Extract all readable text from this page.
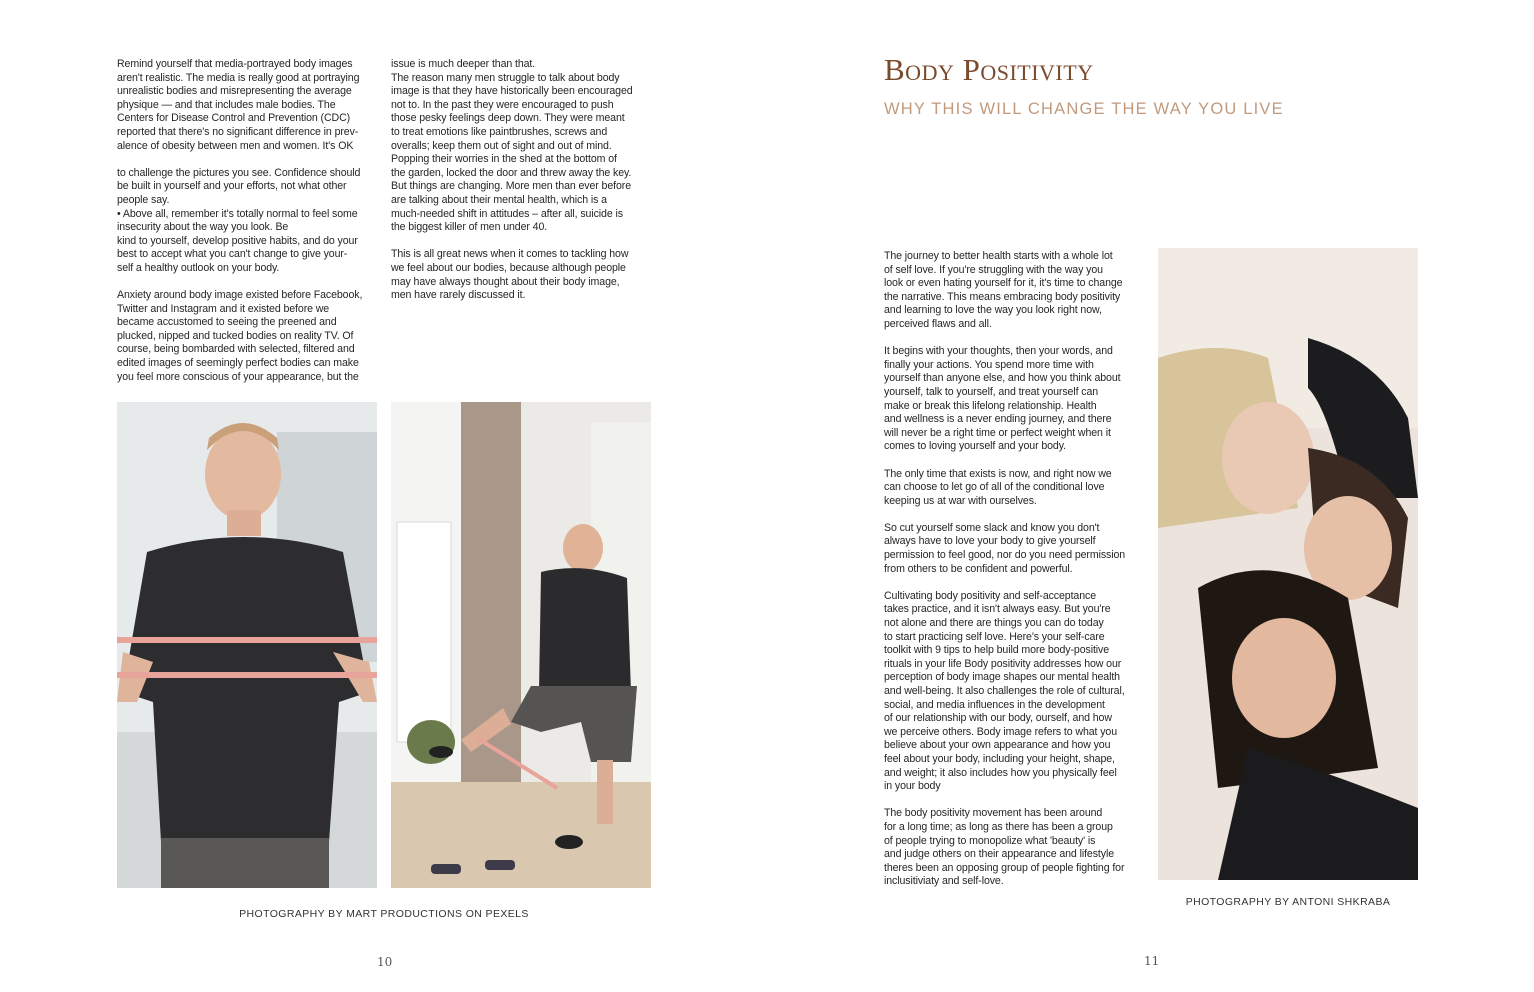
Remind yourself that media-portrayed body images
aren't realistic. The media is really good at portraying
unrealistic bodies and misrepresenting the average
physique — and that includes male bodies. The
Centers for Disease Control and Prevention (CDC)
reported that there's no significant difference in prev-
alence of obesity between men and women. It's OK

to challenge the pictures you see. Confidence should
be built in yourself and your efforts, not what other
people say.
• Above all, remember it's totally normal to feel some
insecurity about the way you look. Be
kind to yourself, develop positive habits, and do your
best to accept what you can't change to give your-
self a healthy outlook on your body.

Anxiety around body image existed before Facebook,
Twitter and Instagram and it existed before we
became accustomed to seeing the preened and
plucked, nipped and tucked bodies on reality TV. Of
course, being bombarded with selected, filtered and
edited images of seemingly perfect bodies can make
you feel more conscious of your appearance, but the

issue is much deeper than that.
The reason many men struggle to talk about body
image is that they have historically been encouraged
not to. In the past they were encouraged to push
those pesky feelings deep down. They were meant
to treat emotions like paintbrushes, screws and
overalls; keep them out of sight and out of mind.
Popping their worries in the shed at the bottom of
the garden, locked the door and threw away the key.
But things are changing. More men than ever before
are talking about their mental health, which is a
much-needed shift in attitudes – after all, suicide is
the biggest killer of men under 40.

This is all great news when it comes to tackling how
we feel about our bodies, because although people
may have always thought about their body image,
men have rarely discussed it.

PHOTOGRAPHY BY MART PRODUCTIONS ON PEXELS
10
Body Positivity
WHY THIS WILL CHANGE THE WAY YOU LIVE

The journey to better health starts with a whole lot
of self love. If you're struggling with the way you
look or even hating yourself for it, it's time to change
the narrative. This means embracing body positivity
and learning to love the way you look right now,
perceived flaws and all.

It begins with your thoughts, then your words, and
finally your actions. You spend more time with
yourself than anyone else, and how you think about
yourself, talk to yourself, and treat yourself can
make or break this lifelong relationship. Health
and wellness is a never ending journey, and there
will never be a right time or perfect weight when it
comes to loving yourself and your body.

The only time that exists is now, and right now we
can choose to let go of all of the conditional love
keeping us at war with ourselves.

So cut yourself some slack and know you don't
always have to love your body to give yourself
permission to feel good, nor do you need permission
from others to be confident and powerful.

Cultivating body positivity and self-acceptance
takes practice, and it isn't always easy. But you're
not alone and there are things you can do today
to start practicing self love. Here's your self-care
toolkit with 9 tips to help build more body-positive
rituals in your life Body positivity addresses how our
perception of body image shapes our mental health
and well-being. It also challenges the role of cultural,
social, and media influences in the development
of our relationship with our body, ourself, and how
we perceive others. Body image refers to what you
believe about your own appearance and how you
feel about your body, including your height, shape,
and weight; it also includes how you physically feel
in your body

The body positivity movement has been around
for a long time; as long as there has been a group
of people trying to monopolize what 'beauty' is
and judge others on their appearance and lifestyle
theres been an opposing group of people fighting for
inclusitiviaty and self-love.

PHOTOGRAPHY BY ANTONI SHKRABA
11
